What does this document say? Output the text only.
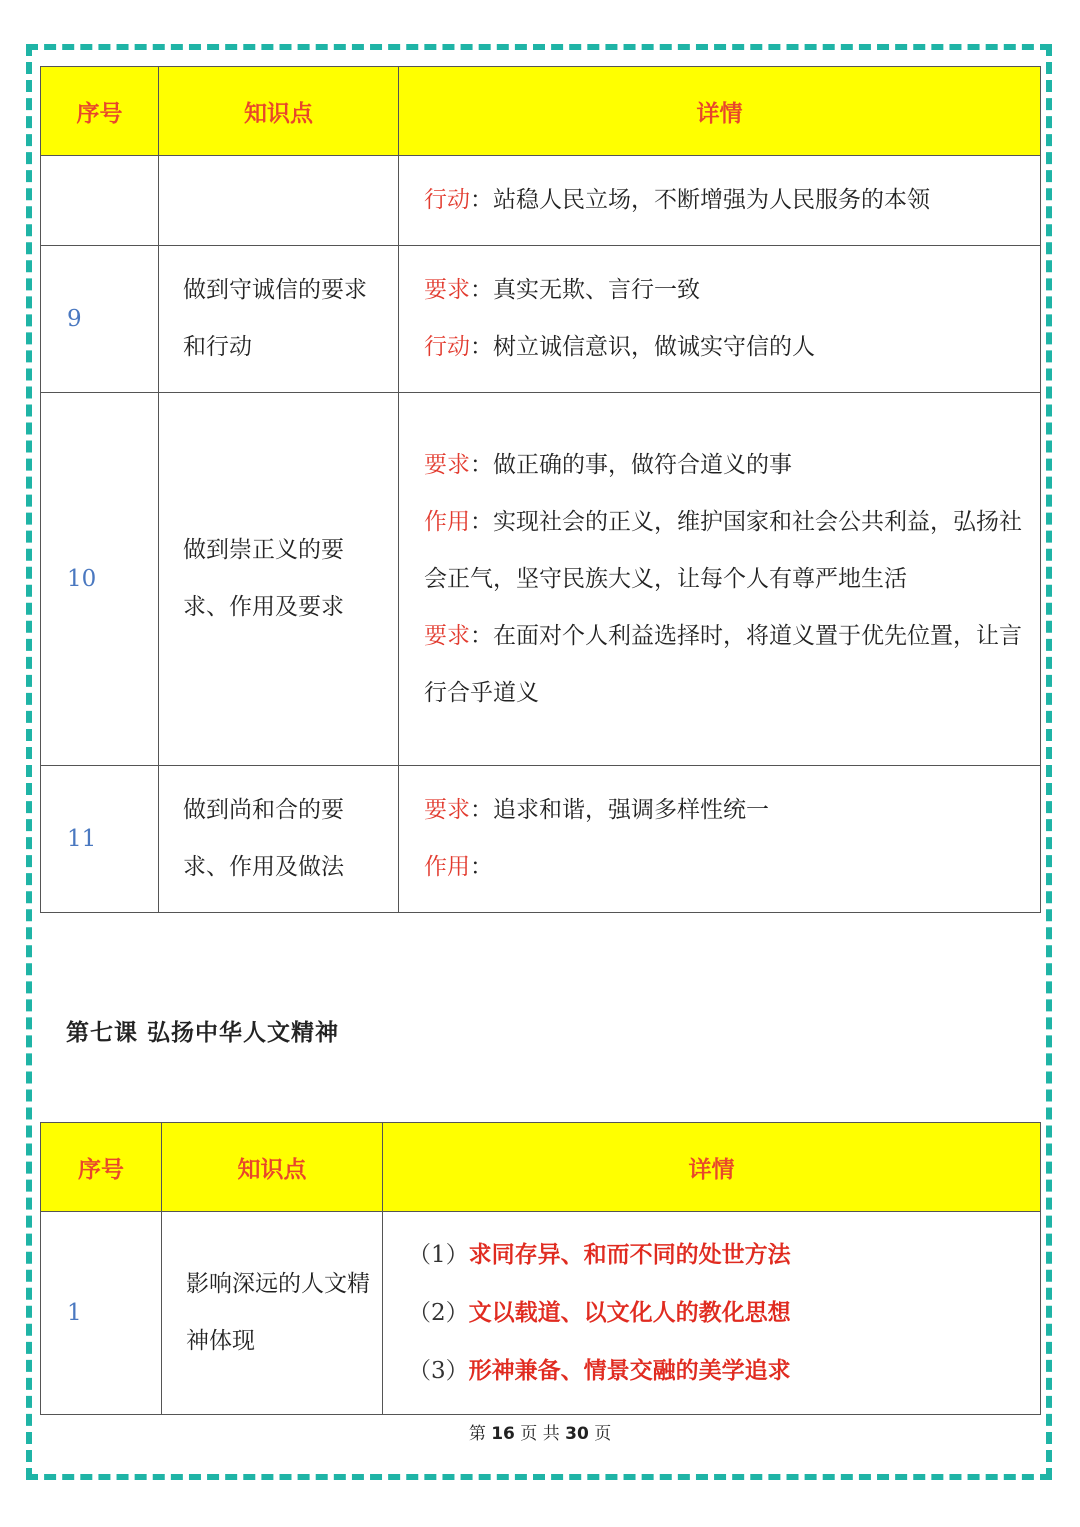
序号	知识点	详情
		行动：站稳人民立场，不断增强为人民服务的本领
9	做到守诚信的要求和行动	要求：真实无欺、言行一致
行动：树立诚信意识，做诚实守信的人

10	做到崇正义的要求、作用及要求	要求：做正确的事，做符合道义的事
作用：实现社会的正义，维护国家和社会公共利益，弘扬社会正气，坚守民族大义，让每个人有尊严地生活
要求：在面对个人利益选择时，将道义置于优先位置，让言行合乎道义

11	做到尚和合的要求、作用及做法	要求：追求和谐，强调多样性统一
作用：
第七课 弘扬中华人文精神
序号	知识点	详情
1	影响深远的人文精神体现	（1）求同存异、和而不同的处世方法
（2）文以载道、以文化人的教化思想
（3）形神兼备、情景交融的美学追求
第 16 页 共 30 页
